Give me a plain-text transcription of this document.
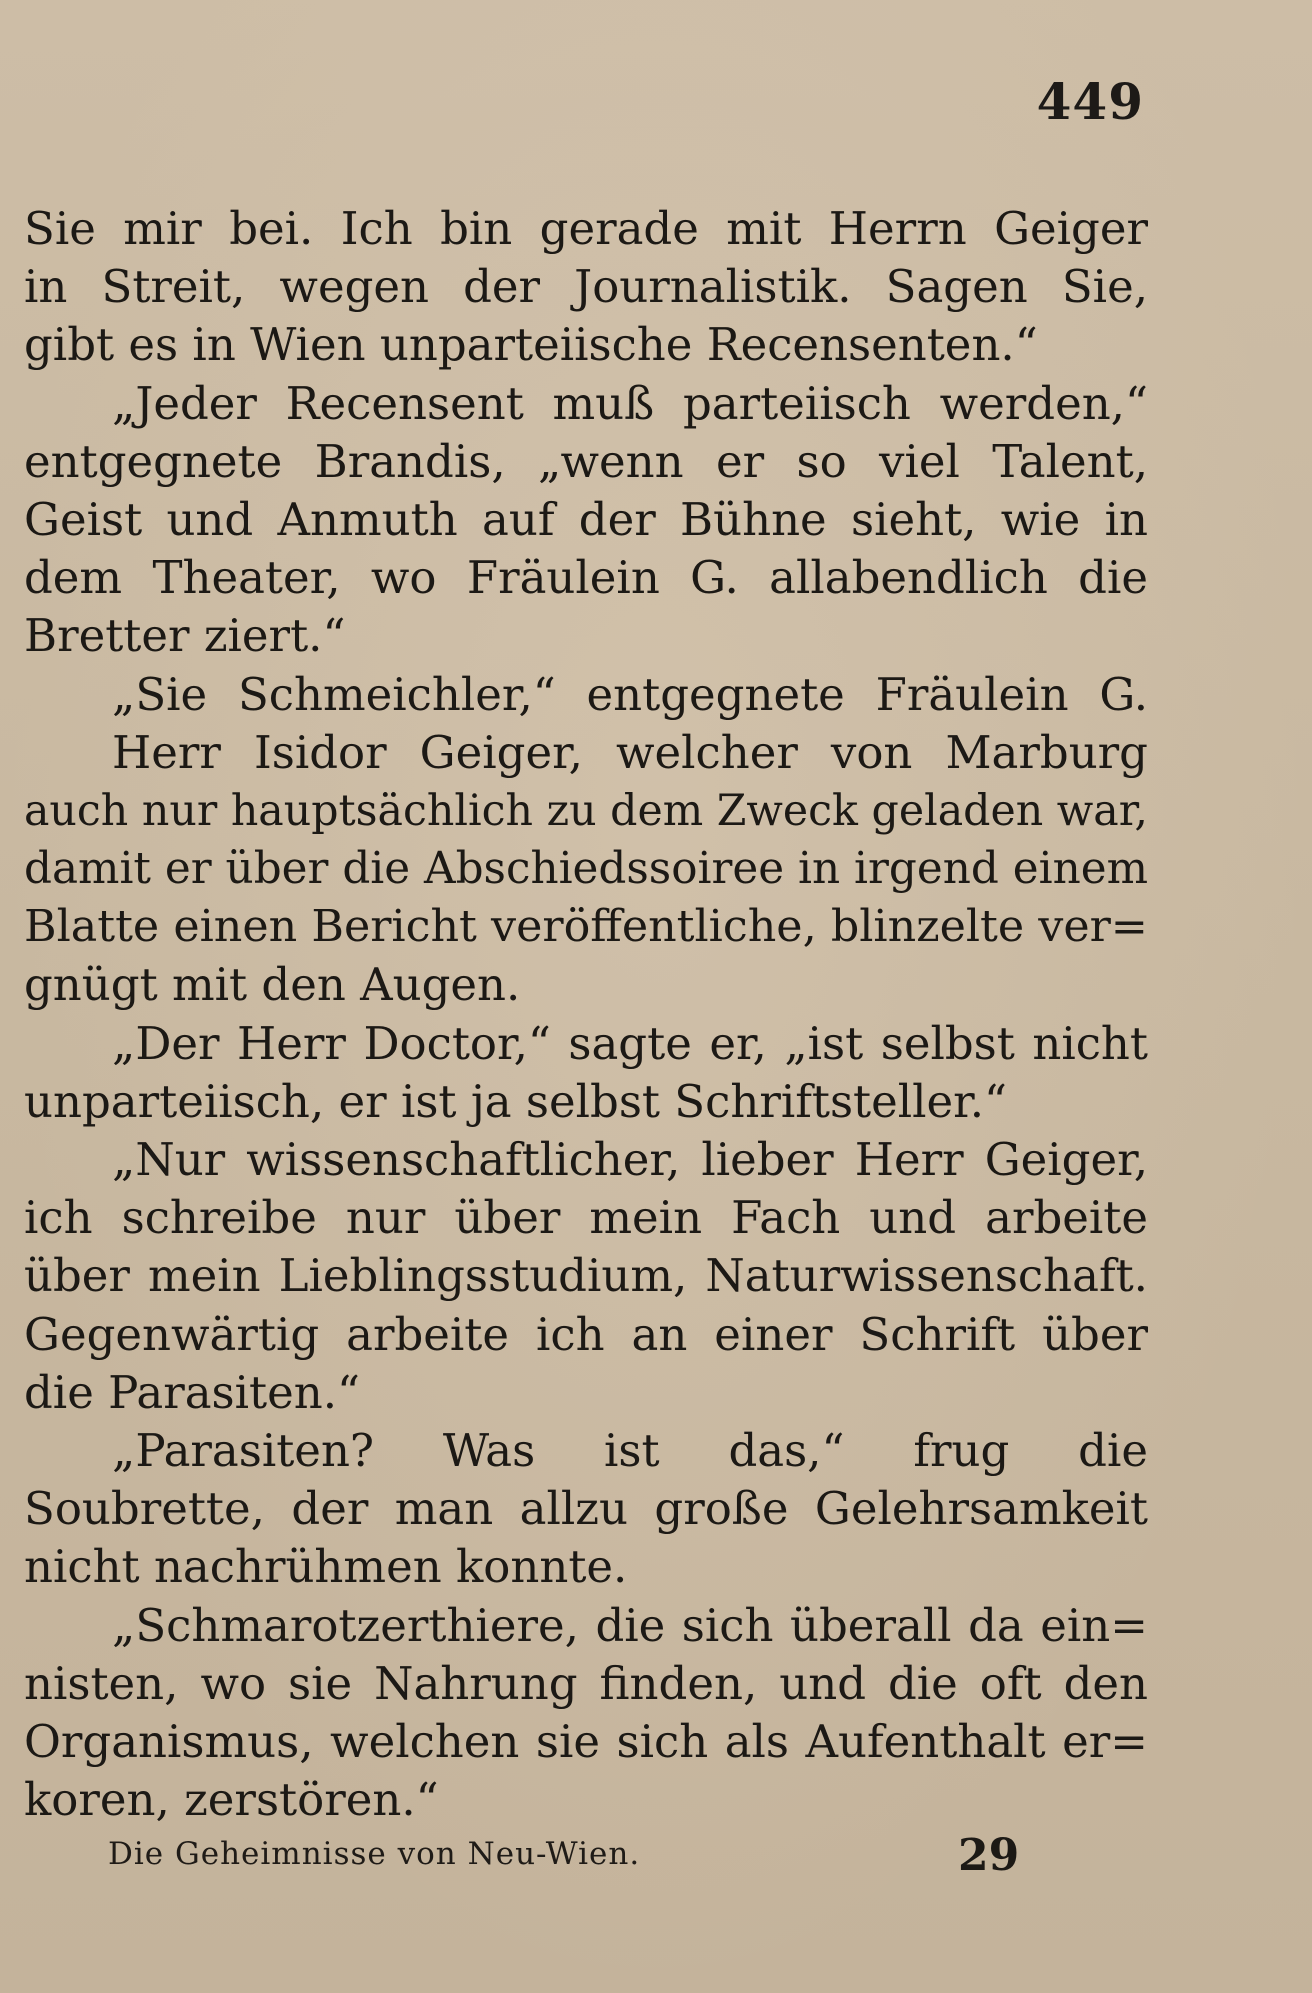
449
Sie mir bei. Ich bin gerade mit Herrn Geiger
in Streit, wegen der Journalistik. Sagen Sie,
gibt es in Wien unparteiische Recensenten.“
„Jeder Recensent muß parteiisch werden,“
entgegnete Brandis, „wenn er so viel Talent,
Geist und Anmuth auf der Bühne sieht, wie in
dem Theater, wo Fräulein G. allabendlich die
Bretter ziert.“
„Sie Schmeichler,“ entgegnete Fräulein G.
Herr Isidor Geiger, welcher von Marburg
auch nur hauptsächlich zu dem Zweck geladen war,
damit er über die Abschiedssoiree in irgend einem
Blatte einen Bericht veröffentliche, blinzelte ver=
gnügt mit den Augen.
„Der Herr Doctor,“ sagte er, „ist selbst nicht
unparteiisch, er ist ja selbst Schriftsteller.“
„Nur wissenschaftlicher, lieber Herr Geiger,
ich schreibe nur über mein Fach und arbeite
über mein Lieblingsstudium, Naturwissenschaft.
Gegenwärtig arbeite ich an einer Schrift über
die Parasiten.“
„Parasiten? Was ist das,“ frug die
Soubrette, der man allzu große Gelehrsamkeit
nicht nachrühmen konnte.
„Schmarotzerthiere, die sich überall da ein=
nisten, wo sie Nahrung finden, und die oft den
Organismus, welchen sie sich als Aufenthalt er=
koren, zerstören.“
Die Geheimnisse von Neu-Wien.	29
